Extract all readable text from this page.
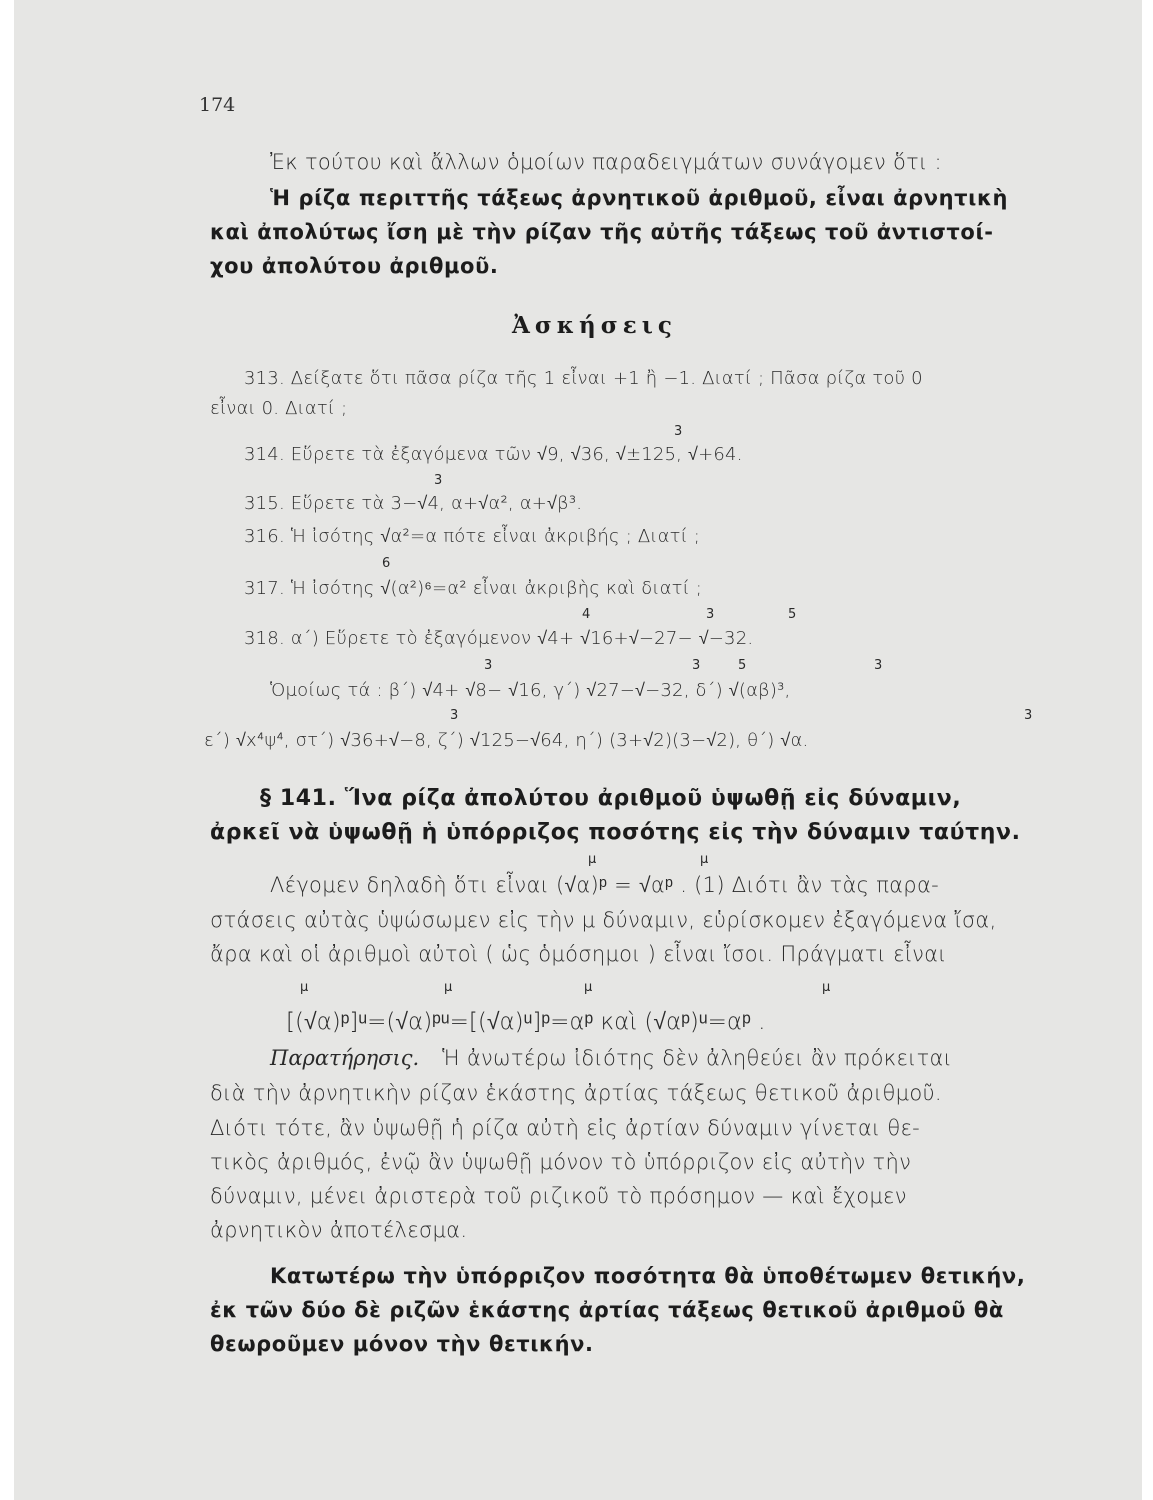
174
Ἐκ τούτου καὶ ἄλλων ὁμοίων παραδειγμάτων συνάγομεν ὅτι :
Ἡ ρίζα περιττῆς τάξεως ἀρνητικοῦ ἀριθμοῦ, εἶναι ἀρνητικὴ
καὶ ἀπολύτως ἴση μὲ τὴν ρίζαν τῆς αὐτῆς τάξεως τοῦ ἀντιστοί-
χου ἀπολύτου ἀριθμοῦ.
Ἀσκήσεις
313. Δείξατε ὅτι πᾶσα ρίζα τῆς 1 εἶναι +1 ἢ −1. Διατί ; Πᾶσα ρίζα τοῦ 0
εἶναι 0. Διατί ;
3
314. Εὕρετε τὰ ἐξαγόμενα τῶν √9, √36, √±125, √+64.
3
315. Εὕρετε τὰ 3−√4, α+√α², α+√β³.
316. Ἡ ἰσότης √α²=α πότε εἶναι ἀκριβής ; Διατί ;
6
317. Ἡ ἰσότης √(α²)⁶=α² εἶναι ἀκριβὴς καὶ διατί ;
4	3	5
318. α΄) Εὕρετε τὸ ἐξαγόμενον √4+ √16+√−27− √−32.
3	3	5	3
Ὁμοίως τά : β΄) √4+ √8− √16, γ΄) √27−√−32, δ΄) √(αβ)³,
3	3
ε΄) √x⁴ψ⁴, στ΄) √36+√−8, ζ΄) √125−√64, η΄) (3+√2)(3−√2), θ΄) √α.
§ 141. Ἵνα ρίζα ἀπολύτου ἀριθμοῦ ὑψωθῇ εἰς δύναμιν,
ἀρκεῖ νὰ ὑψωθῇ ἡ ὑπόρριζος ποσότης εἰς τὴν δύναμιν ταύτην.
μ	μ
Λέγομεν δηλαδὴ ὅτι εἶναι (√α)ᵖ = √αᵖ . (1) Διότι ἂν τὰς παρα-
στάσεις αὐτὰς ὑψώσωμεν εἰς τὴν μ δύναμιν, εὑρίσκομεν ἐξαγόμενα ἴσα,
ἄρα καὶ οἱ ἀριθμοὶ αὐτοὶ ( ὡς ὁμόσημοι ) εἶναι ἴσοι. Πράγματι εἶναι
μ	μ	μ	μ
[(√α)ᵖ]ᵘ=(√α)ᵖᵘ=[(√α)ᵘ]ᵖ=αᵖ καὶ (√αᵖ)ᵘ=αᵖ .
Παρατήρησις. Ἡ ἀνωτέρω ἰδιότης δὲν ἀληθεύει ἂν πρόκειται
διὰ τὴν ἀρνητικὴν ρίζαν ἑκάστης ἀρτίας τάξεως θετικοῦ ἀριθμοῦ.
Διότι τότε, ἂν ὑψωθῇ ἡ ρίζα αὐτὴ εἰς ἀρτίαν δύναμιν γίνεται θε-
τικὸς ἀριθμός, ἐνῷ ἂν ὑψωθῇ μόνον τὸ ὑπόρριζον εἰς αὐτὴν τὴν
δύναμιν, μένει ἀριστερὰ τοῦ ριζικοῦ τὸ πρόσημον — καὶ ἔχομεν
ἀρνητικὸν ἀποτέλεσμα.
Κατωτέρω τὴν ὑπόρριζον ποσότητα θὰ ὑποθέτωμεν θετικήν,
ἐκ τῶν δύο δὲ ριζῶν ἑκάστης ἀρτίας τάξεως θετικοῦ ἀριθμοῦ θὰ
θεωροῦμεν μόνον τὴν θετικήν.
